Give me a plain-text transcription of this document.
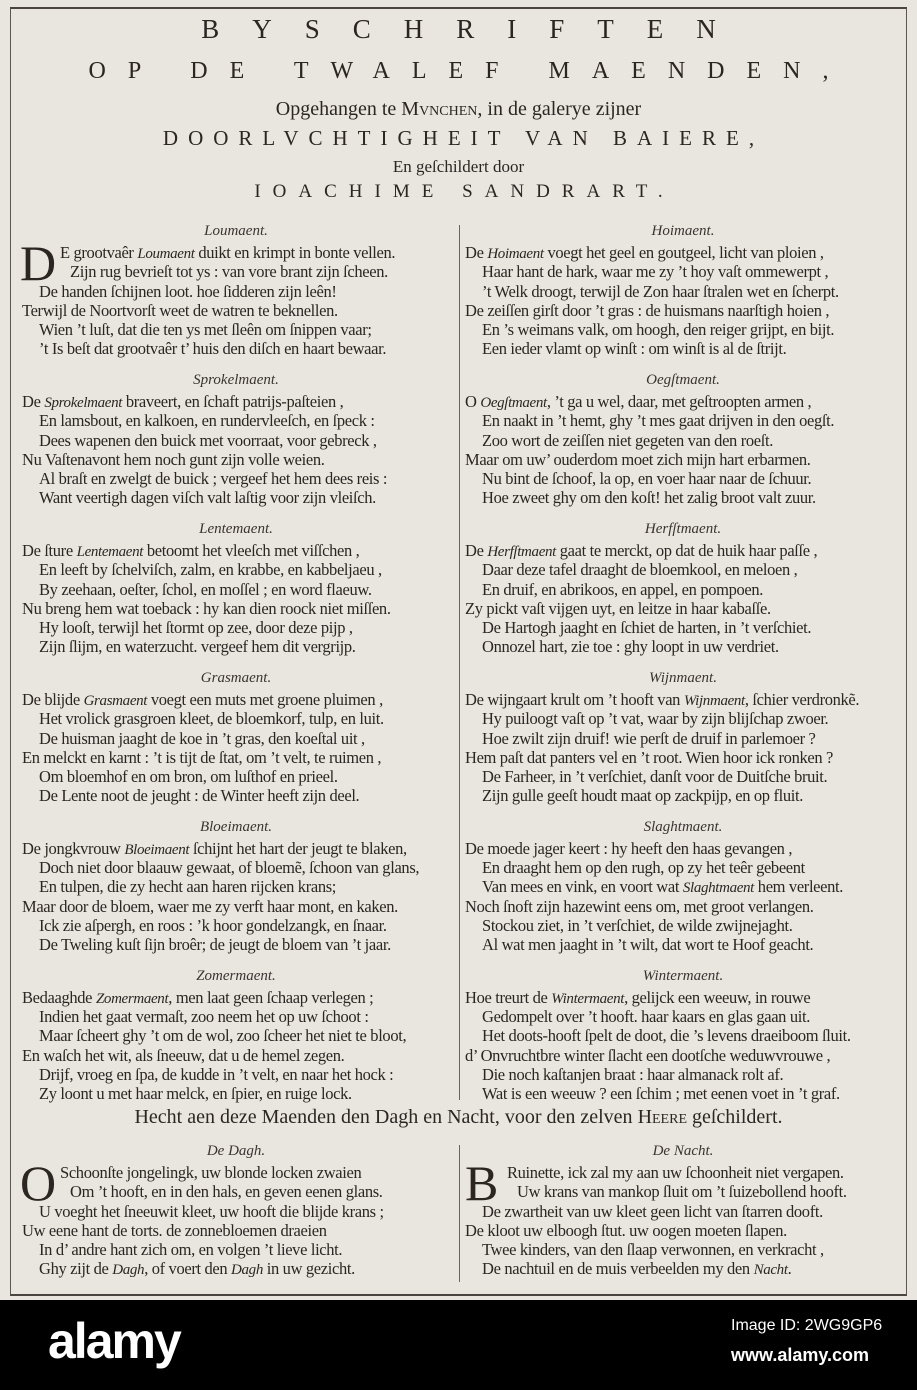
BYSCHRIFTEN
OP DE TWALEF MAENDEN,
Opgehangen te Mvnchen, in de galerye zijner
DOORLVCHTIGHEIT VAN BAIERE,
En geſchildert door
IOACHIME SANDRART.
Loumaent.
D E grootvaêr Loumaent duikt en krimpt in bonte vellen.
Zijn rug bevrieſt tot ys : van vore brant zijn ſcheen.
De handen ſchijnen loot. hoe ſidderen zijn leên!
Terwijl de Noortvorſt weet de watren te beknellen.
Wien ’t luſt, dat die ten ys met ſleên om ſnippen vaar;
’t Is beſt dat grootvaêr t’ huis den diſch en haart bewaar.
Sprokelmaent.
De Sprokelmaent braveert, en ſchaft patrijs-paſteien ,
En lamsbout, en kalkoen, en rundervleeſch, en ſpeck :
Dees wapenen den buick met voorraat, voor gebreck ,
Nu Vaſtenavont hem noch gunt zijn volle weien.
Al braſt en zwelgt de buick ; vergeef het hem dees reis :
Want veertigh dagen viſch valt laſtig voor zijn vleiſch.
Lentemaent.
De ſture Lentemaent betoomt het vleeſch met viſſchen ,
En leeft by ſchelviſch, zalm, en krabbe, en kabbeljaeu ,
By zeehaan, oeſter, ſchol, en moſſel ; en word flaeuw.
Nu breng hem wat toeback : hy kan dien roock niet miſſen.
Hy looſt, terwijl het ſtormt op zee, door deze pijp ,
Zijn ſlijm, en waterzucht. vergeef hem dit vergrijp.
Grasmaent.
De blijde Grasmaent voegt een muts met groene pluimen ,
Het vrolick grasgroen kleet, de bloemkorf, tulp, en luit.
De huisman jaaght de koe in ’t gras, den koeſtal uit ,
En melckt en karnt : ’t is tijt de ſtat, om ’t velt, te ruimen ,
Om bloemhof en om bron, om luſthof en prieel.
De Lente noot de jeught : de Winter heeft zijn deel.
Bloeimaent.
De jongkvrouw Bloeimaent ſchijnt het hart der jeugt te blaken,
Doch niet door blaauw gewaat, of bloemẽ, ſchoon van glans,
En tulpen, die zy hecht aan haren rijcken krans;
Maar door de bloem, waer me zy verft haar mont, en kaken.
Ick zie aſpergh, en roos : ’k hoor gondelzangk, en ſnaar.
De Tweling kuſt ſijn broêr; de jeugt de bloem van ’t jaar.
Zomermaent.
Bedaaghde Zomermaent, men laat geen ſchaap verlegen ;
Indien het gaat vermaſt, zoo neem het op uw ſchoot :
Maar ſcheert ghy ’t om de wol, zoo ſcheer het niet te bloot,
En waſch het wit, als ſneeuw, dat u de hemel zegen.
Drijf, vroeg en ſpa, de kudde in ’t velt, en naar het hock :
Zy loont u met haar melck, en ſpier, en ruige lock.
Hoimaent.
De Hoimaent voegt het geel en goutgeel, licht van ploien ,
Haar hant de hark, waar me zy ’t hoy vaſt ommewerpt ,
’t Welk droogt, terwijl de Zon haar ſtralen wet en ſcherpt.
De zeiſſen girſt door ’t gras : de huismans naarſtigh hoien ,
En ’s weimans valk, om hoogh, den reiger grijpt, en bijt.
Een ieder vlamt op winſt : om winſt is al de ſtrijt.
Oegſtmaent.
O Oegſtmaent, ’t ga u wel, daar, met geſtroopten armen ,
En naakt in ’t hemt, ghy ’t mes gaat drijven in den oegſt.
Zoo wort de zeiſſen niet gegeten van den roeſt.
Maar om uw’ ouderdom moet zich mijn hart erbarmen.
Nu bint de ſchoof, la op, en voer haar naar de ſchuur.
Hoe zweet ghy om den koſt! het zalig broot valt zuur.
Herfſtmaent.
De Herfſtmaent gaat te merckt, op dat de huik haar paſſe ,
Daar deze tafel draaght de bloemkool, en meloen ,
En druif, en abrikoos, en appel, en pompoen.
Zy pickt vaſt vijgen uyt, en leitze in haar kabaſſe.
De Hartogh jaaght en ſchiet de harten, in ’t verſchiet.
Onnozel hart, zie toe : ghy loopt in uw verdriet.
Wijnmaent.
De wijngaart krult om ’t hooft van Wijnmaent, ſchier verdronkẽ.
Hy puiloogt vaſt op ’t vat, waar by zijn blijſchap zwoer.
Hoe zwilt zijn druif! wie perſt de druif in parlemoer ?
Hem paſt dat panters vel en ’t root. Wien hoor ick ronken ?
De Farheer, in ’t verſchiet, danſt voor de Duitſche bruit.
Zijn gulle geeſt houdt maat op zackpijp, en op fluit.
Slaghtmaent.
De moede jager keert : hy heeft den haas gevangen ,
En draaght hem op den rugh, op zy het teêr gebeent
Van mees en vink, en voort wat Slaghtmaent hem verleent.
Noch ſnoft zijn hazewint eens om, met groot verlangen.
Stockou ziet, in ’t verſchiet, de wilde zwijnejaght.
Al wat men jaaght in ’t wilt, dat wort te Hoof geacht.
Wintermaent.
Hoe treurt de Wintermaent, gelijck een weeuw, in rouwe
Gedompelt over ’t hooft. haar kaars en glas gaan uit.
Het doots-hooft ſpelt de doot, die ’s levens draeiboom ſluit.
d’ Onvruchtbre winter ſlacht een dootſche weduwvrouwe ,
Die noch kaſtanjen braat : haar almanack rolt af.
Wat is een weeuw ? een ſchim ; met eenen voet in ’t graf.
Hecht aen deze Maenden den Dagh en Nacht, voor den zelven Heere geſchildert.
De Dagh.
O Schoonſte jongelingk, uw blonde locken zwaien
Om ’t hooft, en in den hals, en geven eenen glans.
U voeght het ſneeuwit kleet, uw hooft die blijde krans ;
Uw eene hant de torts. de zonnebloemen draeien
In d’ andre hant zich om, en volgen ’t lieve licht.
Ghy zijt de Dagh, of voert den Dagh in uw gezicht.
De Nacht.
B Ruinette, ick zal my aan uw ſchoonheit niet vergapen.
Uw krans van mankop ſluit om ’t ſuizebollend hooft.
De zwartheit van uw kleet geen licht van ſtarren dooft.
De kloot uw elboogh ſtut. uw oogen moeten ſlapen.
Twee kinders, van den ſlaap verwonnen, en verkracht ,
De nachtuil en de muis verbeelden my den Nacht.
alamy	Image ID: 2WG9GP6
www.alamy.com
